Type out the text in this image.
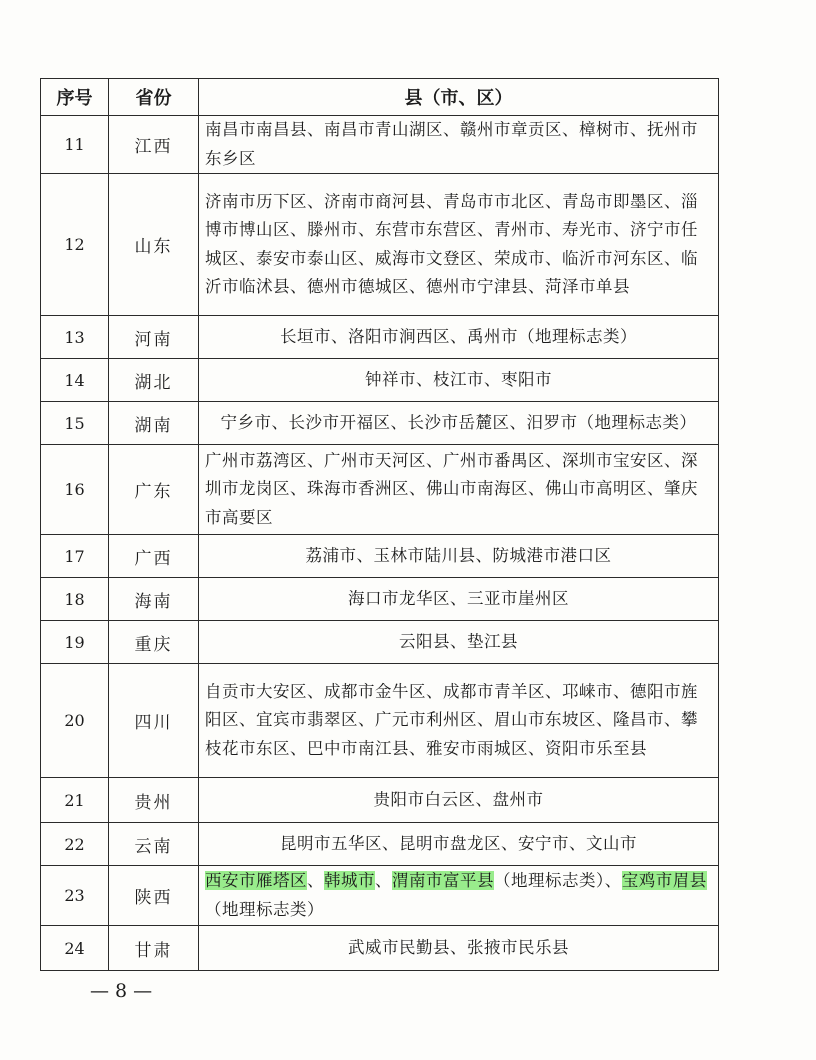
序号	省份	县（市、区）
11	江西	南昌市南昌县、南昌市青山湖区、赣州市章贡区、樟树市、抚州市东乡区
12	山东	济南市历下区、济南市商河县、青岛市市北区、青岛市即墨区、淄博市博山区、滕州市、东营市东营区、青州市、寿光市、济宁市任城区、泰安市泰山区、威海市文登区、荣成市、临沂市河东区、临沂市临沭县、德州市德城区、德州市宁津县、菏泽市单县
13	河南	长垣市、洛阳市涧西区、禹州市（地理标志类）
14	湖北	钟祥市、枝江市、枣阳市
15	湖南	宁乡市、长沙市开福区、长沙市岳麓区、汨罗市（地理标志类）
16	广东	广州市荔湾区、广州市天河区、广州市番禺区、深圳市宝安区、深圳市龙岗区、珠海市香洲区、佛山市南海区、佛山市高明区、肇庆市高要区
17	广西	荔浦市、玉林市陆川县、防城港市港口区
18	海南	海口市龙华区、三亚市崖州区
19	重庆	云阳县、垫江县
20	四川	自贡市大安区、成都市金牛区、成都市青羊区、邛崃市、德阳市旌阳区、宜宾市翡翠区、广元市利州区、眉山市东坡区、隆昌市、攀枝花市东区、巴中市南江县、雅安市雨城区、资阳市乐至县
21	贵州	贵阳市白云区、盘州市
22	云南	昆明市五华区、昆明市盘龙区、安宁市、文山市
23	陕西	西安市雁塔区、韩城市、渭南市富平县（地理标志类）、宝鸡市眉县（地理标志类）
24	甘肃	武威市民勤县、张掖市民乐县
— 8 —
